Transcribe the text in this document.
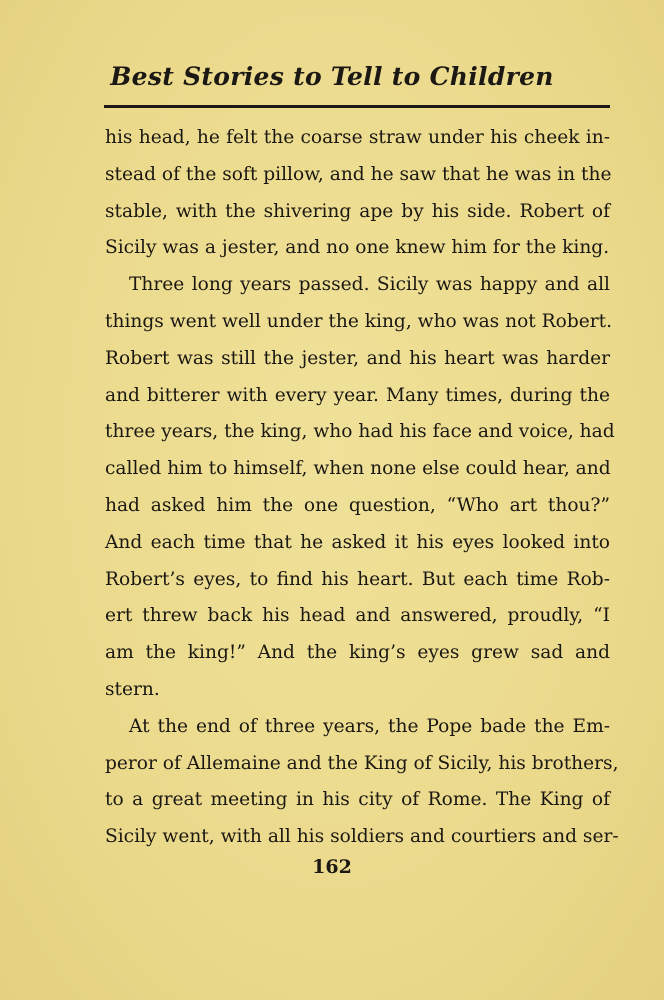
Best Stories to Tell to Children
his head, he felt the coarse straw under his cheek in-
stead of the soft pillow, and he saw that he was in the
stable, with the shivering ape by his side. Robert of
Sicily was a jester, and no one knew him for the king.
Three long years passed. Sicily was happy and all
things went well under the king, who was not Robert.
Robert was still the jester, and his heart was harder
and bitterer with every year. Many times, during the
three years, the king, who had his face and voice, had
called him to himself, when none else could hear, and
had asked him the one question, “Who art thou?”
And each time that he asked it his eyes looked into
Robert’s eyes, to find his heart. But each time Rob-
ert threw back his head and answered, proudly, “I
am the king!” And the king’s eyes grew sad and
stern.
At the end of three years, the Pope bade the Em-
peror of Allemaine and the King of Sicily, his brothers,
to a great meeting in his city of Rome. The King of
Sicily went, with all his soldiers and courtiers and ser-
162
